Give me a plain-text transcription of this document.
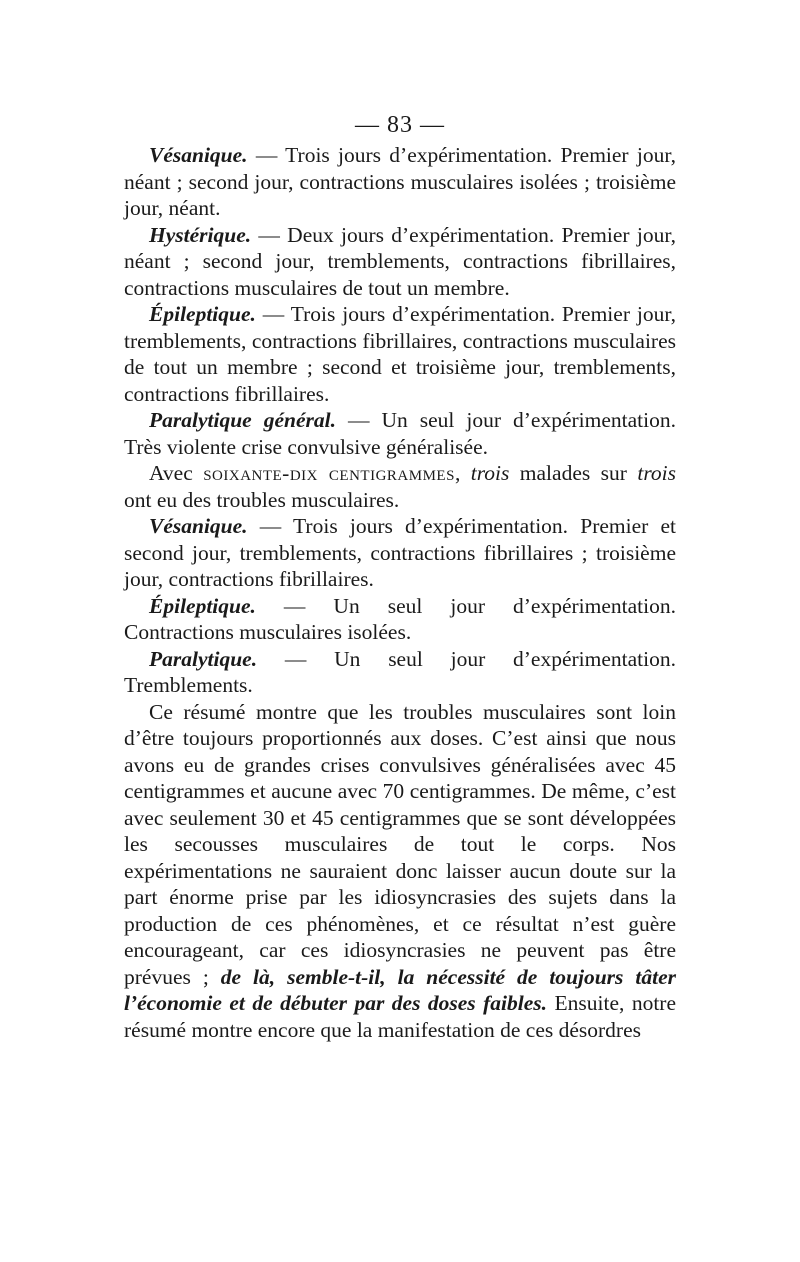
— 83 —

Vésanique. — Trois jours d’expérimentation. Premier jour, néant ; second jour, contractions musculaires isolées ; troisième jour, néant.

Hystérique. — Deux jours d’expérimentation. Premier jour, néant ; second jour, tremblements, contractions fibrillaires, contractions musculaires de tout un membre.

Épileptique. — Trois jours d’expérimentation. Premier jour, tremblements, contractions fibrillaires, contractions musculaires de tout un membre ; second et troisième jour, tremblements, contractions fibrillaires.

Paralytique général. — Un seul jour d’expérimentation. Très violente crise convulsive généralisée.

Avec soixante-dix centigrammes, trois malades sur trois ont eu des troubles musculaires.

Vésanique. — Trois jours d’expérimentation. Premier et second jour, tremblements, contractions fibrillaires ; troisième jour, contractions fibrillaires.

Épileptique. — Un seul jour d’expérimentation. Contractions musculaires isolées.

Paralytique. — Un seul jour d’expérimentation. Tremblements.

Ce résumé montre que les troubles musculaires sont loin d’être toujours proportionnés aux doses. C’est ainsi que nous avons eu de grandes crises convulsives généralisées avec 45 centigrammes et aucune avec 70 centigrammes. De même, c’est avec seulement 30 et 45 centigrammes que se sont développées les secousses musculaires de tout le corps. Nos expérimentations ne sauraient donc laisser aucun doute sur la part énorme prise par les idiosyncrasies des sujets dans la production de ces phénomènes, et ce résultat n’est guère encourageant, car ces idiosyncrasies ne peuvent pas être prévues ; de là, semble-t-il, la nécessité de toujours tâter l’économie et de débuter par des doses faibles. Ensuite, notre résumé montre encore que la manifestation de ces désordres
